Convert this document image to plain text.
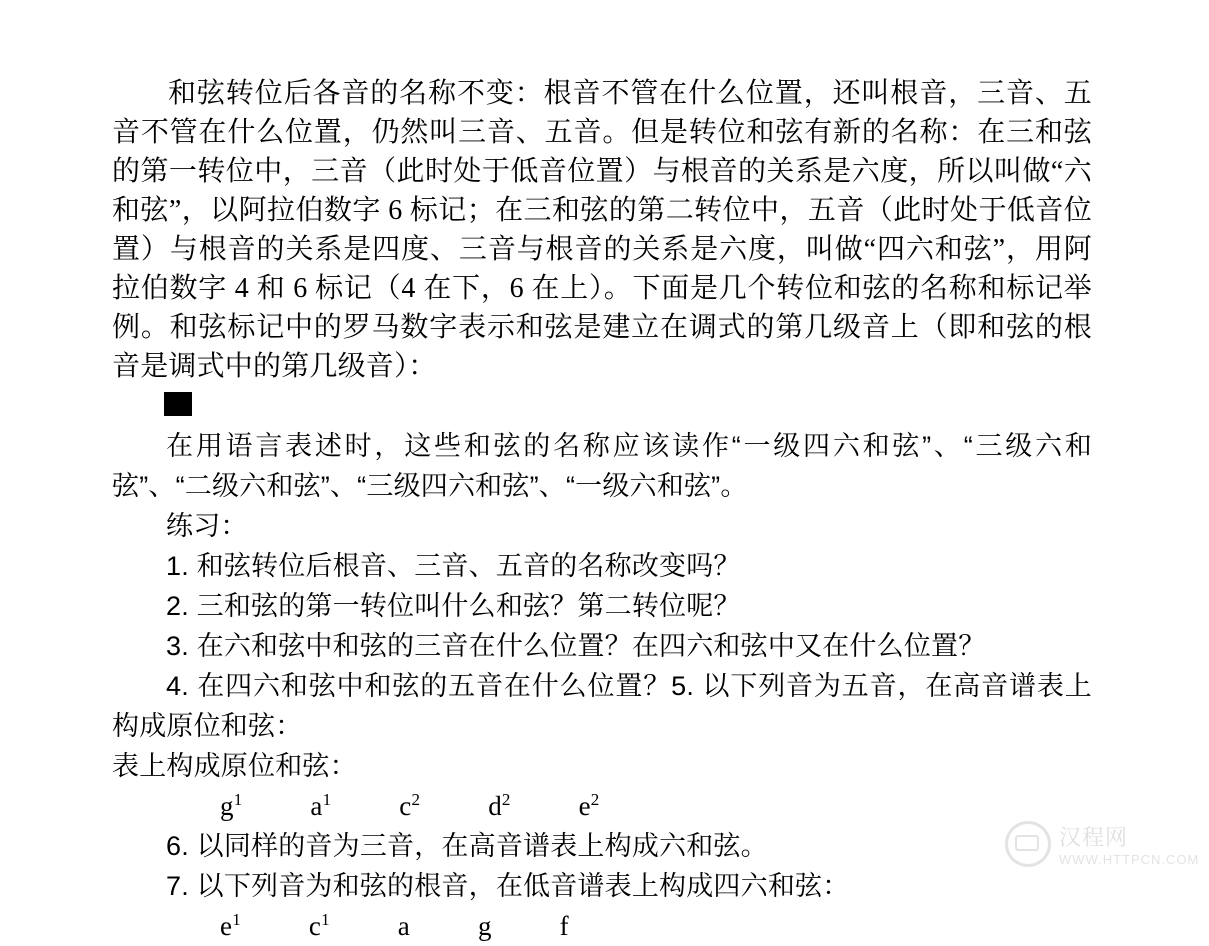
和弦转位后各音的名称不变：根音不管在什么位置，还叫根音，三音、五音不管在什么位置，仍然叫三音、五音。但是转位和弦有新的名称：在三和弦的第一转位中，三音（此时处于低音位置）与根音的关系是六度，所以叫做“六和弦”，以阿拉伯数字 6 标记；在三和弦的第二转位中，五音（此时处于低音位置）与根音的关系是四度、三音与根音的关系是六度，叫做“四六和弦”，用阿拉伯数字 4 和 6 标记（4 在下，6 在上）。下面是几个转位和弦的名称和标记举例。和弦标记中的罗马数字表示和弦是建立在调式的第几级音上（即和弦的根音是调式中的第几级音）：

在用语言表述时，这些和弦的名称应该读作“一级四六和弦”、“三级六和弦”、“二级六和弦”、“三级四六和弦”、“一级六和弦”。

练习：

1. 和弦转位后根音、三音、五音的名称改变吗？

2. 三和弦的第一转位叫什么和弦？第二转位呢？

3. 在六和弦中和弦的三音在什么位置？在四六和弦中又在什么位置？

4. 在四六和弦中和弦的五音在什么位置？5. 以下列音为五音，在高音谱表上构成原位和弦：

表上构成原位和弦：

$g^1$	$a^1$	$c^2$	$d^2$	$e^2$

6. 以同样的音为三音，在高音谱表上构成六和弦。

7. 以下列音为和弦的根音，在低音谱表上构成四六和弦：

$e^1$	$c^1$	a	g	f

汉程网
WWW.HTTPCN.COM
